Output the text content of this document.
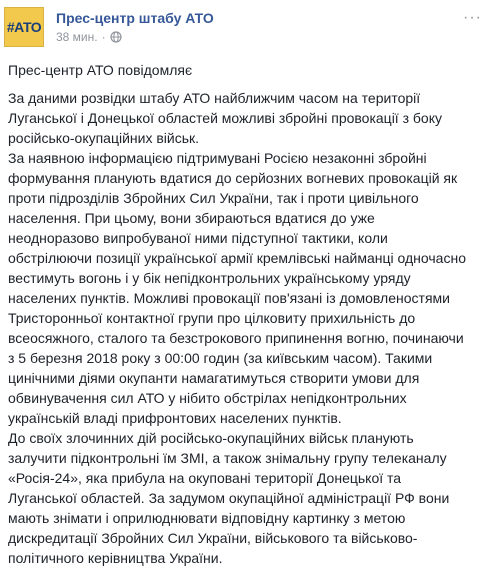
#АТО
Прес-центр штабу АТО
38 мин. ·
···

Прес-центр АТО повідомляє

За даними розвідки штабу АТО найближчим часом на території
Луганської і Донецької областей можливі збройні провокації з боку
російсько-окупаційних військ.

За наявною інформацією підтримувані Росією незаконні збройні
формування планують вдатися до серйозних вогневих провокацій як
проти підрозділів Збройних Сил України, так і проти цивільного
населення. При цьому, вони збираються вдатися до уже
неодноразово випробуваної ними підступної тактики, коли
обстрілюючи позиції української армії кремлівські найманці одночасно
вестимуть вогонь і у бік непідконтрольних українському уряду
населених пунктів. Можливі провокації пов'язані із домовленостями
Тристоронньої контактної групи про цілковиту прихильність до
всеосяжного, сталого та безстрокового припинення вогню, починаючи
з 5 березня 2018 року з 00:00 годин (за київським часом). Такими
цинічними діями окупанти намагатимуться створити умови для
обвинувачення сил АТО у нібито обстрілах непідконтрольних
українській владі прифронтових населених пунктів.

До своїх злочинних дій російсько-окупаційних військ планують
залучити підконтрольні їм ЗМІ, а також знімальну групу телеканалу
«Росія-24», яка прибула на окуповані території Донецької та
Луганської областей. За задумом окупаційної адміністрації РФ вони
мають знімати і оприлюднювати відповідну картинку з метою
дискредитації Збройних Сил України, військового та військово-
політичного керівництва України.
